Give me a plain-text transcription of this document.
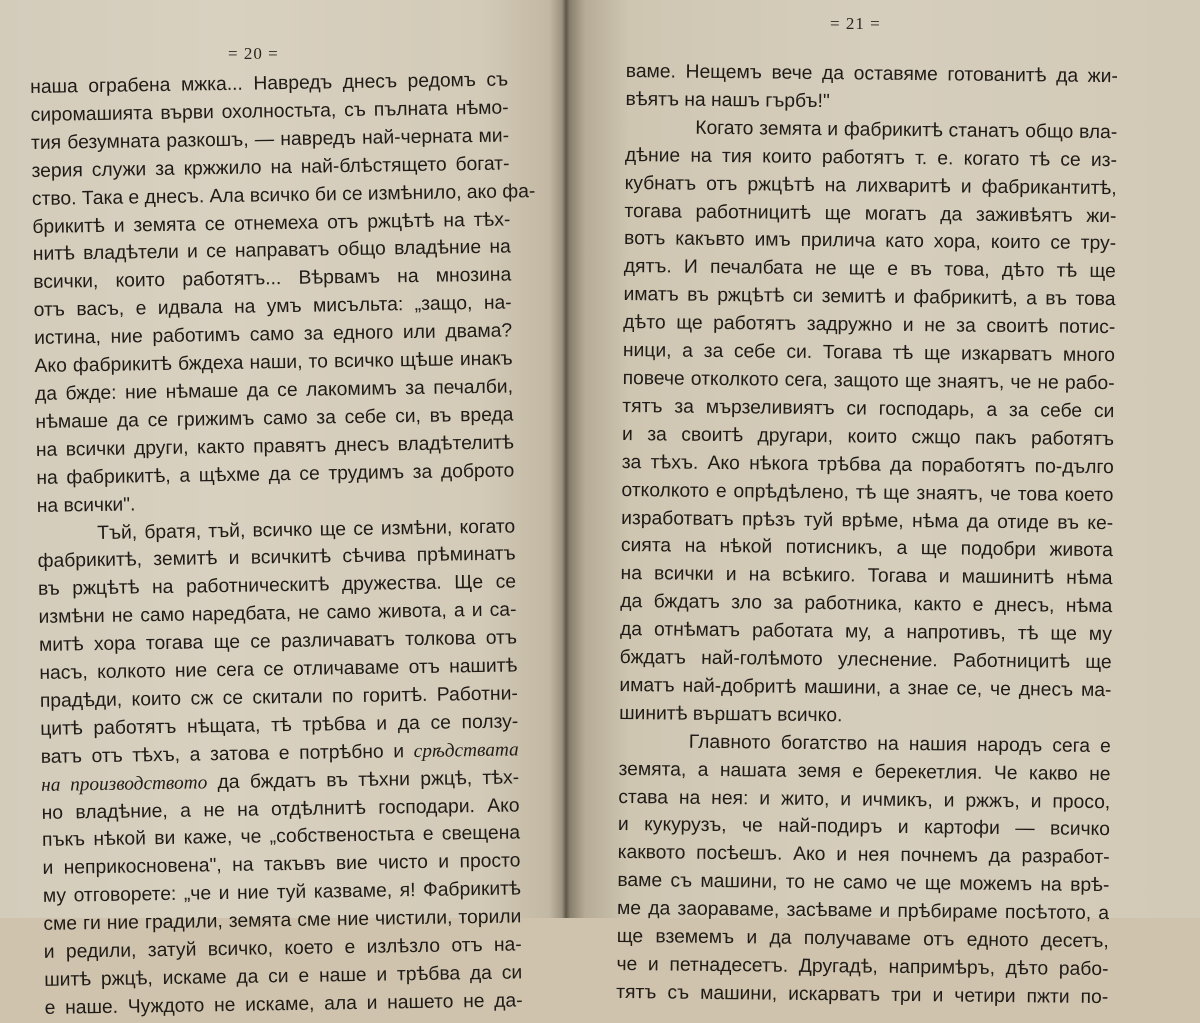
= 20 =
наша ограбена мжка... Навредъ днесъ редомъ съ
сиромашията върви охолностьта, съ пълната нѣмо-
тия безумната разкошъ, — навредъ най-черната ми-
зерия служи за кржжило на най-блѣстящето богат-
ство. Така е днесъ. Ала всичко би се измѣнило, ако фа-
брикитѣ и земята се отнемеха отъ ржцѣтѣ на тѣх-
нитѣ владѣтели и се направатъ общо владѣние на
всички, които работятъ... Вѣрвамъ на мнозина
отъ васъ, е идвала на умъ мисъльта: „защо, на-
истина, ние работимъ само за едного или двама?
Ако фабрикитѣ бждеха наши, то всичко щѣше инакъ
да бжде: ние нѣмаше да се лакомимъ за печалби,
нѣмаше да се грижимъ само за себе си, въ вреда
на всички други, както правятъ днесъ владѣтелитѣ
на фабрикитѣ, а щѣхме да се трудимъ за доброто
на всички".
Тъй, братя, тъй, всичко ще се измѣни, когато
фабрикитѣ, земитѣ и всичкитѣ сѣчива прѣминатъ
въ ржцѣтѣ на работническитѣ дружества. Ще се
измѣни не само наредбата, не само живота, а и са-
митѣ хора тогава ще се различаватъ толкова отъ
насъ, колкото ние сега се отличаваме отъ нашитѣ
прадѣди, които сж се скитали по горитѣ. Работни-
цитѣ работятъ нѣщата, тѣ трѣбва и да се ползу-
ватъ отъ тѣхъ, а затова е потрѣбно и срѣдствата
на производството да бждатъ въ тѣхни ржцѣ, тѣх-
но владѣние, а не на отдѣлнитѣ господари. Ако
пъкъ нѣкой ви каже, че „собственостьта е свещена
и неприкосновена", на такъвъ вие чисто и просто
му отговорете: „че и ние туй казваме, я! Фабрикитѣ
сме ги ние градили, земята сме ние чистили, торили
и редили, затуй всичко, което е излѣзло отъ на-
шитѣ ржцѣ, искаме да си е наше и трѣбва да си
е наше. Чуждото не искаме, ала и нашето не да-
= 21 =
ваме. Нещемъ вече да оставяме готованитѣ да жи-
вѣятъ на нашъ гърбъ!"
Когато земята и фабрикитѣ станатъ общо вла-
дѣние на тия които работятъ т. е. когато тѣ се из-
кубнатъ отъ ржцѣтѣ на лихваритѣ и фабрикантитѣ,
тогава работницитѣ ще могатъ да заживѣятъ жи-
вотъ какъвто имъ прилича като хора, които се тру-
дятъ. И печалбата не ще е въ това, дѣто тѣ ще
иматъ въ ржцѣтѣ си земитѣ и фабрикитѣ, а въ това
дѣто ще работятъ задружно и не за своитѣ потис-
ници, а за себе си. Тогава тѣ ще изкарватъ много
повече отколкото сега, защото ще знаятъ, че не рабо-
тятъ за мързеливиятъ си господарь, а за себе си
и за своитѣ другари, които сжщо пакъ работятъ
за тѣхъ. Ако нѣкога трѣбва да поработятъ по-дълго
отколкото е опрѣдѣлено, тѣ ще знаятъ, че това което
изработватъ прѣзъ туй врѣме, нѣма да отиде въ ке-
сията на нѣкой потисникъ, а ще подобри живота
на всички и на всѣкиго. Тогава и машинитѣ нѣма
да бждатъ зло за работника, както е днесъ, нѣма
да отнѣматъ работата му, а напротивъ, тѣ ще му
бждатъ най-голѣмото улеснение. Работницитѣ ще
иматъ най-добритѣ машини, а знае се, че днесъ ма-
шинитѣ вършатъ всичко.
Главното богатство на нашия народъ сега е
земята, а нашата земя е берекетлия. Че какво не
става на нея: и жито, и ичмикъ, и ржжъ, и просо,
и кукурузъ, че най-подиръ и картофи — всичко
каквото посѣешъ. Ако и нея почнемъ да разработ-
ваме съ машини, то не само че ще можемъ на врѣ-
ме да заораваме, засѣваме и прѣбираме посѣтото, а
ще вземемъ и да получаваме отъ едното десетъ,
че и петнадесетъ. Другадѣ, напримѣръ, дѣто рабо-
тятъ съ машини, искарватъ три и четири пжти по-
